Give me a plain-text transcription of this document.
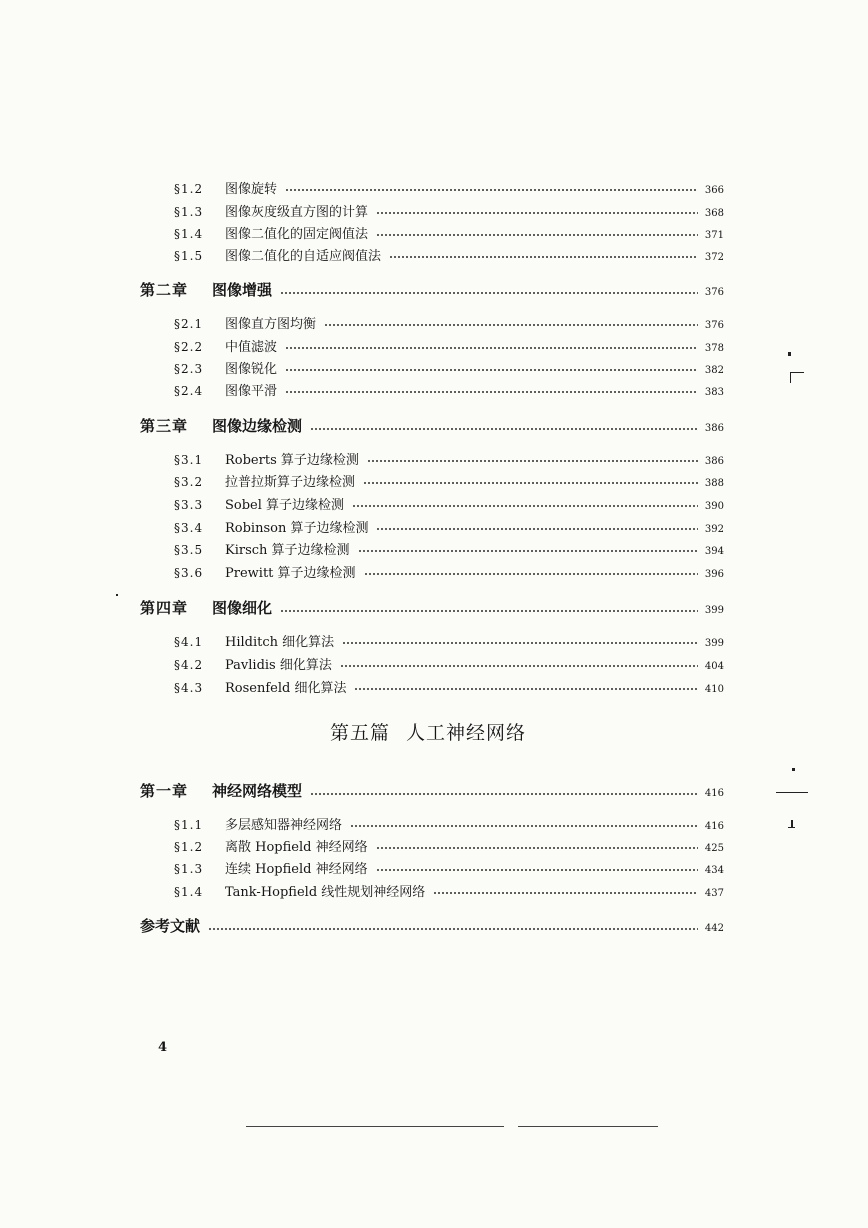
§1.2	图像旋转	366
§1.3	图像灰度级直方图的计算	368
§1.4	图像二值化的固定阀值法	371
§1.5	图像二值化的自适应阀值法	372
第二章	图像增强	376
§2.1	图像直方图均衡	376
§2.2	中值滤波	378
§2.3	图像锐化	382
§2.4	图像平滑	383
第三章	图像边缘检测	386
§3.1	Roberts 算子边缘检测	386
§3.2	拉普拉斯算子边缘检测	388
§3.3	Sobel 算子边缘检测	390
§3.4	Robinson 算子边缘检测	392
§3.5	Kirsch 算子边缘检测	394
§3.6	Prewitt 算子边缘检测	396
第四章	图像细化	399
§4.1	Hilditch 细化算法	399
§4.2	Pavlidis 细化算法	404
§4.3	Rosenfeld 细化算法	410
第五篇 人工神经网络
第一章	神经网络模型	416
§1.1	多层感知器神经网络	416
§1.2	离散 Hopfield 神经网络	425
§1.3	连续 Hopfield 神经网络	434
§1.4	Tank-Hopfield 线性规划神经网络	437
参考文献	442
4
